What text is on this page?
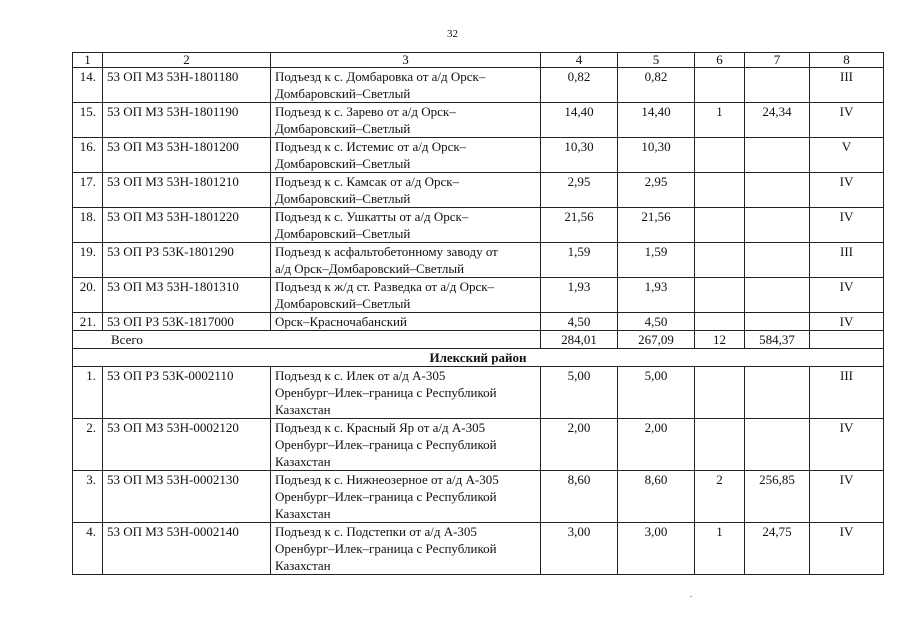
32
1	2	3	4	5	6	7	8
14.	53 ОП МЗ 53Н-1801180	Подъезд к с. Домбаровка от а/д Орск–
Домбаровский–Светлый	0,82	0,82			III
15.	53 ОП МЗ 53Н-1801190	Подъезд к с. Зарево от а/д Орск–
Домбаровский–Светлый	14,40	14,40	1	24,34	IV
16.	53 ОП МЗ 53Н-1801200	Подъезд к с. Истемис от а/д Орск–
Домбаровский–Светлый	10,30	10,30			V
17.	53 ОП МЗ 53Н-1801210	Подъезд к с. Камсак от а/д Орск–
Домбаровский–Светлый	2,95	2,95			IV
18.	53 ОП МЗ 53Н-1801220	Подъезд к с. Ушкатты от а/д Орск–
Домбаровский–Светлый	21,56	21,56			IV
19.	53 ОП РЗ 53К-1801290	Подъезд к асфальтобетонному заводу от
а/д Орск–Домбаровский–Светлый	1,59	1,59			III
20.	53 ОП МЗ 53Н-1801310	Подъезд к ж/д ст. Разведка от а/д Орск–
Домбаровский–Светлый	1,93	1,93			IV
21.	53 ОП РЗ 53К-1817000	Орск–Красночабанский	4,50	4,50			IV
Всего			284,01	267,09	12	584,37	
Илекский район							
1.	53 ОП РЗ 53К-0002110	Подъезд к с. Илек от а/д А-305
Оренбург–Илек–граница с Республикой
Казахстан	5,00	5,00			III
2.	53 ОП МЗ 53Н-0002120	Подъезд к с. Красный Яр от а/д А-305
Оренбург–Илек–граница с Республикой
Казахстан	2,00	2,00			IV
3.	53 ОП МЗ 53Н-0002130	Подъезд к с. Нижнеозерное от а/д А-305
Оренбург–Илек–граница с Республикой
Казахстан	8,60	8,60	2	256,85	IV
4.	53 ОП МЗ 53Н-0002140	Подъезд к с. Подстепки от а/д А-305
Оренбург–Илек–граница с Республикой
Казахстан	3,00	3,00	1	24,75	IV
